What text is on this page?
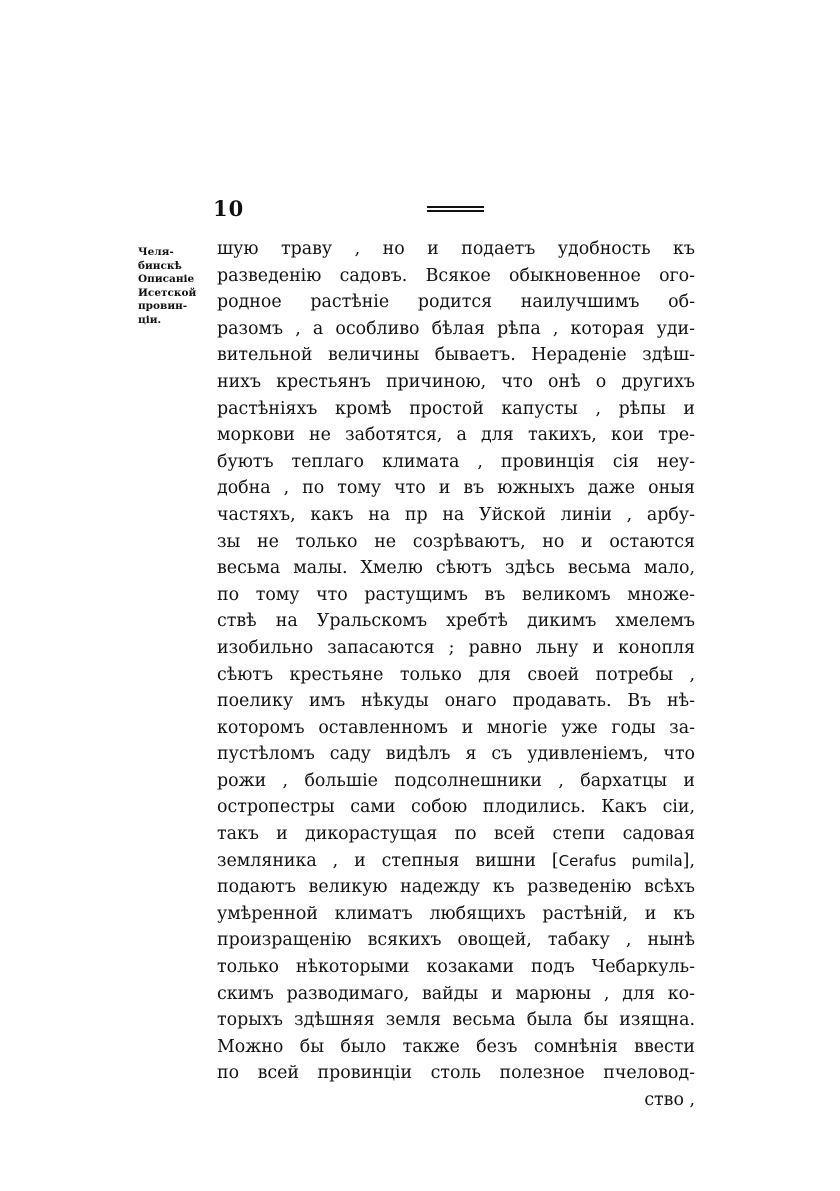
10
Челя-
бинскѣ
Описаніе
Исетской
провин-
ціи.
шую траву , но и подаетъ удобность къ
разведенію садовъ. Всякое обыкновенное ого-
родное растѣніе родится наилучшимъ об-
разомъ , а особливо бѣлая рѣпа , которая уди-
вительной величины бываетъ. Нераденіе здѣш-
нихъ крестьянъ причиною, что онѣ о другихъ
растѣніяхъ кромѣ простой капусты , рѣпы и
моркови не заботятся, а для такихъ, кои тре-
буютъ теплаго климата , провинція сія неу-
добна , по тому что и въ южныхъ даже оныя
частяхъ, какъ на пр на Уйской линіи , арбу-
зы не только не созрѣваютъ, но и остаются
весьма малы. Хмелю сѣютъ здѣсь весьма мало,
по тому что растущимъ въ великомъ множе-
ствѣ на Уральскомъ хребтѣ дикимъ хмелемъ
изобильно запасаются ; равно льну и конопля
сѣютъ крестьяне только для своей потребы ,
поелику имъ нѣкуды онаго продавать. Въ нѣ-
которомъ оставленномъ и многіе уже годы за-
пустѣломъ саду видѣлъ я съ удивленіемъ, что
рожи , большіе подсолнешники , бархатцы и
остропестры сами собою плодились. Какъ сіи,
такъ и дикорастущая по всей степи садовая
земляника , и степныя вишни [Cerafus pumila],
подаютъ великую надежду къ разведенію всѣхъ
умѣренной климатъ любящихъ растѣній, и къ
произращенію всякихъ овощей, табаку , нынѣ
только нѣкоторыми козаками подъ Чебаркуль-
скимъ разводимаго, вайды и марюны , для ко-
торыхъ здѣшняя земля весьма была бы изящна.
Можно бы было также безъ сомнѣнія ввести
по всей провинціи столь полезное пчеловод-
ство ,
